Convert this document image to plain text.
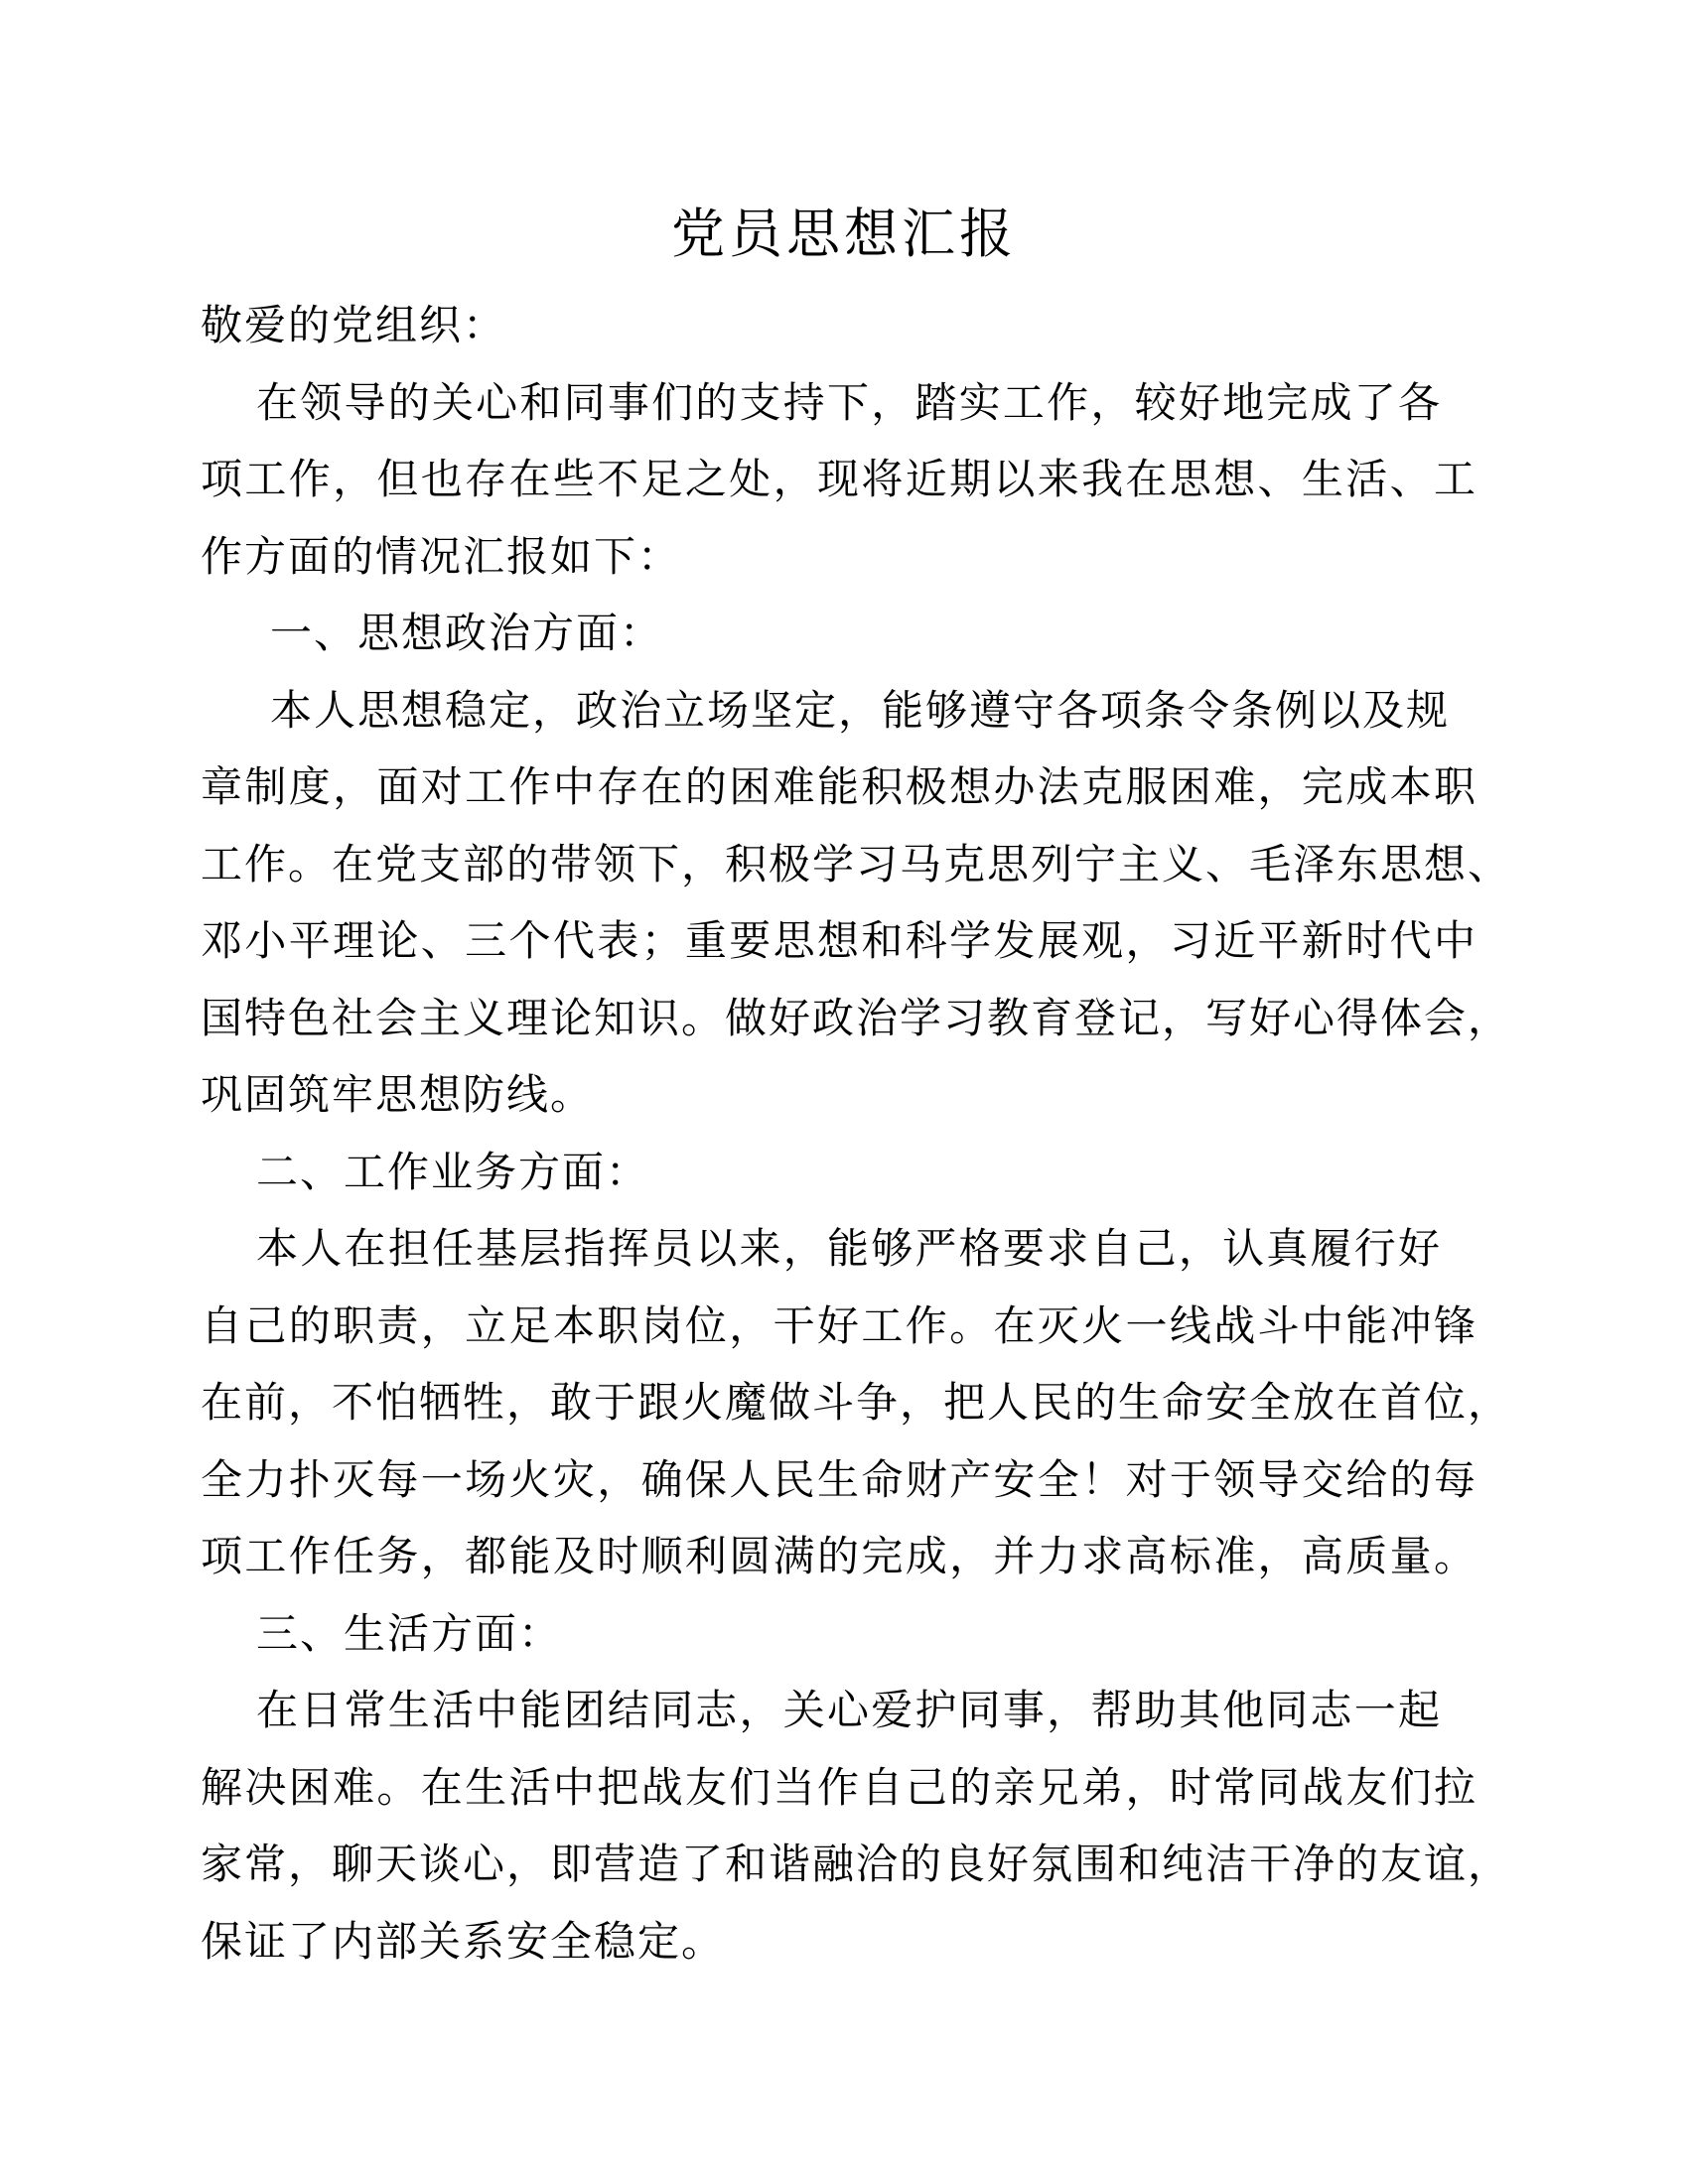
党员思想汇报
敬爱的党组织：
在领导的关心和同事们的支持下，踏实工作，较好地完成了各
项工作，但也存在些不足之处，现将近期以来我在思想、生活、工
作方面的情况汇报如下：
一、思想政治方面：
本人思想稳定，政治立场坚定，能够遵守各项条令条例以及规
章制度，面对工作中存在的困难能积极想办法克服困难，完成本职
工作。在党支部的带领下，积极学习马克思列宁主义、毛泽东思想、
邓小平理论、三个代表；重要思想和科学发展观，习近平新时代中
国特色社会主义理论知识。做好政治学习教育登记，写好心得体会，
巩固筑牢思想防线。
二、工作业务方面：
本人在担任基层指挥员以来，能够严格要求自己，认真履行好
自己的职责，立足本职岗位，干好工作。在灭火一线战斗中能冲锋
在前，不怕牺牲，敢于跟火魔做斗争，把人民的生命安全放在首位，
全力扑灭每一场火灾，确保人民生命财产安全！对于领导交给的每
项工作任务，都能及时顺利圆满的完成，并力求高标准，高质量。
三、生活方面：
在日常生活中能团结同志，关心爱护同事，帮助其他同志一起
解决困难。在生活中把战友们当作自己的亲兄弟，时常同战友们拉
家常，聊天谈心，即营造了和谐融洽的良好氛围和纯洁干净的友谊，
保证了内部关系安全稳定。
